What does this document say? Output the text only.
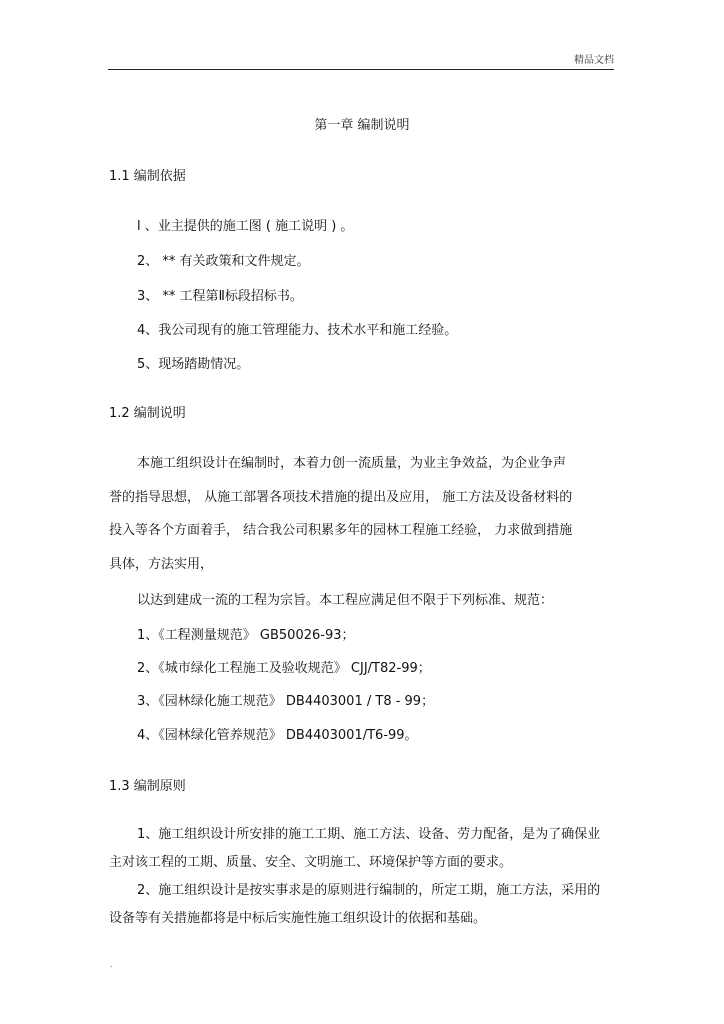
精品文档
第一章 编制说明
1.1 编制依据
l 、业主提供的施工图 ( 施工说明 ) 。
2、 ** 有关政策和文件规定。
3、 ** 工程第Ⅱ标段招标书。
4、我公司现有的施工管理能力、技术水平和施工经验。
5、现场踏勘情况。
1.2 编制说明
本施工组织设计在编制时，本着力创一流质量，为业主争效益，为企业争声
誉的指导思想， 从施工部署各项技术措施的提出及应用， 施工方法及设备材料的
投入等各个方面着手， 结合我公司积累多年的园林工程施工经验， 力求做到措施
具体，方法实用，
以达到建成一流的工程为宗旨。本工程应满足但不限于下列标准、规范：
1、《工程测量规范》 GB50026-93；
2、《城市绿化工程施工及验收规范》 CJJ/T82-99；
3、《园林绿化施工规范》 DB4403001 / T8 - 99；
4、《园林绿化管养规范》 DB4403001/T6-99。
1.3 编制原则
1、施工组织设计所安排的施工工期、施工方法、设备、劳力配备，是为了确保业
主对该工程的工期、质量、安全、文明施工、环境保护等方面的要求。
2、施工组织设计是按实事求是的原则进行编制的，所定工期，施工方法，采用的
设备等有关措施都将是中标后实施性施工组织设计的依据和基础。
.
